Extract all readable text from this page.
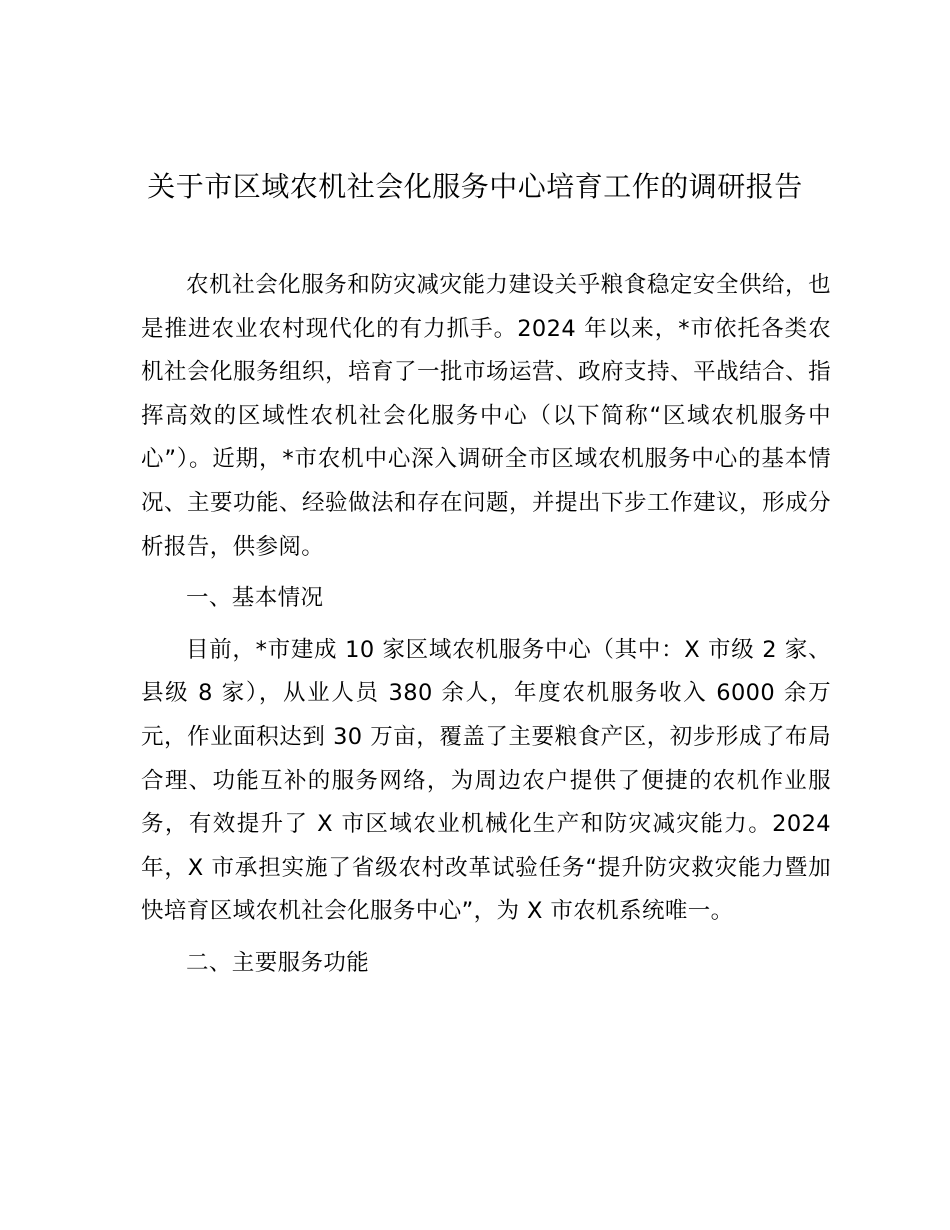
关于市区域农机社会化服务中心培育工作的调研报告

农机社会化服务和防灾减灾能力建设关乎粮食稳定安全供给，也是推进农业农村现代化的有力抓手。2024 年以来，*市依托各类农机社会化服务组织，培育了一批市场运营、政府支持、平战结合、指挥高效的区域性农机社会化服务中心（以下简称“区域农机服务中心”）。近期，*市农机中心深入调研全市区域农机服务中心的基本情况、主要功能、经验做法和存在问题，并提出下步工作建议，形成分析报告，供参阅。

一、基本情况

目前，*市建成 10 家区域农机服务中心（其中：X 市级 2 家、县级 8 家），从业人员 380 余人，年度农机服务收入 6000 余万元，作业面积达到 30 万亩，覆盖了主要粮食产区，初步形成了布局合理、功能互补的服务网络，为周边农户提供了便捷的农机作业服务，有效提升了 X 市区域农业机械化生产和防灾减灾能力。2024 年，X 市承担实施了省级农村改革试验任务“提升防灾救灾能力暨加快培育区域农机社会化服务中心”，为 X 市农机系统唯一。

二、主要服务功能
